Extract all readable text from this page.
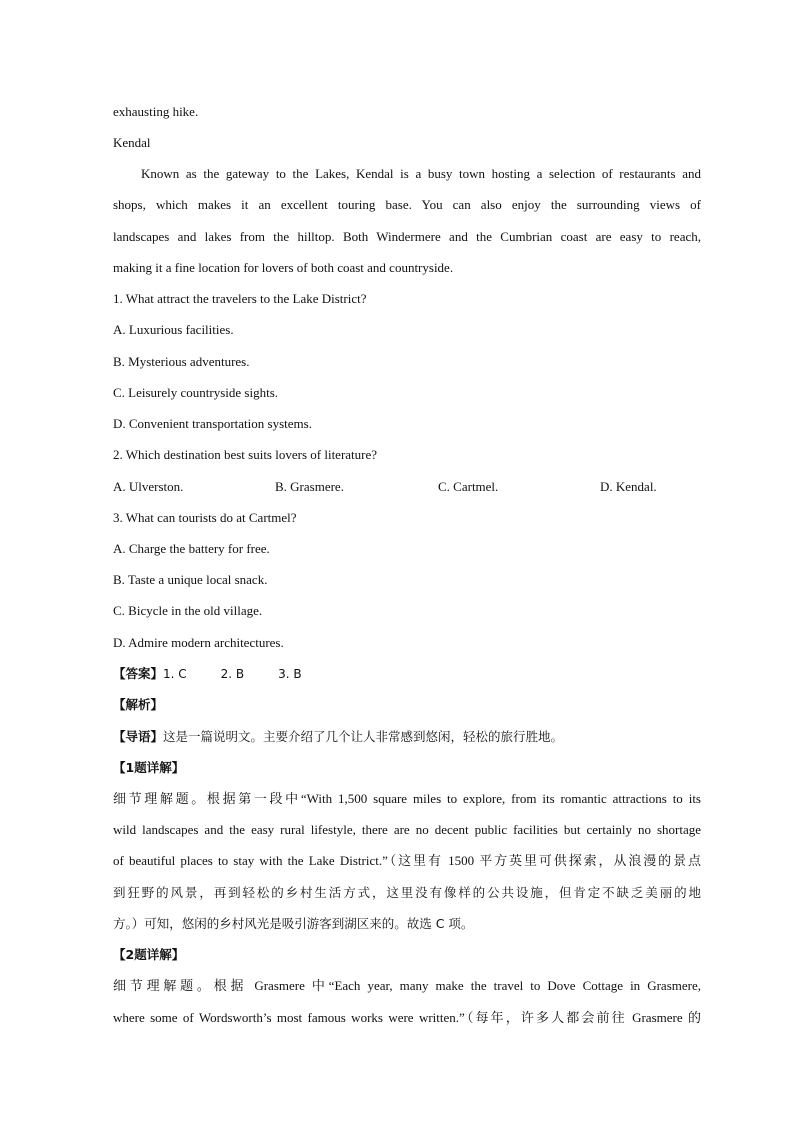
exhausting hike.
Kendal
Known as the gateway to the Lakes, Kendal is a busy town hosting a selection of restaurants and
shops, which makes it an excellent touring base. You can also enjoy the surrounding views of
landscapes and lakes from the hilltop. Both Windermere and the Cumbrian coast are easy to reach,
making it a fine location for lovers of both coast and countryside.
1. What attract the travelers to the Lake District?
A. Luxurious facilities.
B. Mysterious adventures.
C. Leisurely countryside sights.
D. Convenient transportation systems.
2. Which destination best suits lovers of literature?
A. Ulverston.	B. Grasmere.	C. Cartmel.	D. Kendal.
3. What can tourists do at Cartmel?
A. Charge the battery for free.
B. Taste a unique local snack.
C. Bicycle in the old village.
D. Admire modern architectures.
【答案】1. C	2. B	3. B
【解析】
【导语】这是一篇说明文。主要介绍了几个让人非常感到悠闲，轻松的旅行胜地。
【1题详解】
细节理解题。根据第一段中“With 1,500 square miles to explore, from its romantic attractions to its
wild landscapes and the easy rural lifestyle, there are no decent public facilities but certainly no shortage
of beautiful places to stay with the Lake District.”（这里有 1500 平方英里可供探索，从浪漫的景点
到狂野的风景，再到轻松的乡村生活方式，这里没有像样的公共设施，但肯定不缺乏美丽的地
方。）可知，悠闲的乡村风光是吸引游客到湖区来的。故选 C 项。
【2题详解】
细节理解题。根据 Grasmere 中“Each year, many make the travel to Dove Cottage in Grasmere,
where some of Wordsworth’s most famous works were written.”（每年，许多人都会前往 Grasmere 的
